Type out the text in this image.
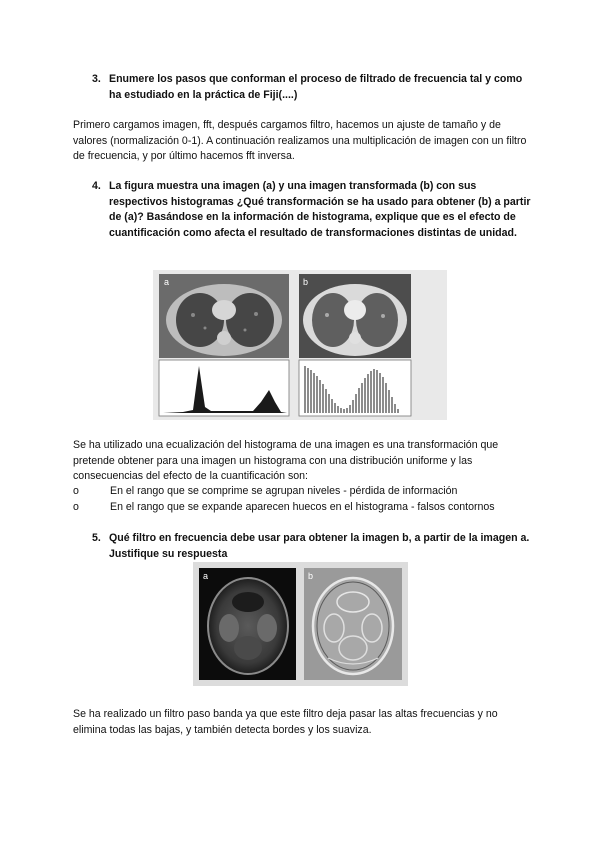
3. Enumere los pasos que conforman el proceso de filtrado de frecuencia tal y como ha estudiado en la práctica de Fiji(....)
Primero cargamos imagen, fft, después cargamos filtro, hacemos un ajuste de tamaño y de valores (normalización 0-1). A continuación realizamos una multiplicación de imagen con un filtro de frecuencia, y por último hacemos fft inversa.
4. La figura muestra una imagen (a) y una imagen transformada (b) con sus respectivos histogramas ¿Qué transformación se ha usado para obtener (b) a partir de (a)? Basándose en la información de histograma, explique que es el efecto de cuantificación como afecta el resultado de transformaciones distintas de unidad.
a	b
Se ha utilizado una ecualización del histograma de una imagen es una transformación que pretende obtener para una imagen un histograma con una distribución uniforme y las consecuencias del efecto de la cuantificación son:
o	En el rango que se comprime se agrupan niveles - pérdida de información
o	En el rango que se expande aparecen huecos en el histograma - falsos contornos
5. Qué filtro en frecuencia debe usar para obtener la imagen b, a partir de la imagen a. Justifique su respuesta
a	b
Se ha realizado un filtro paso banda ya que este filtro deja pasar las altas frecuencias y no elimina todas las bajas, y también detecta bordes y los suaviza.
